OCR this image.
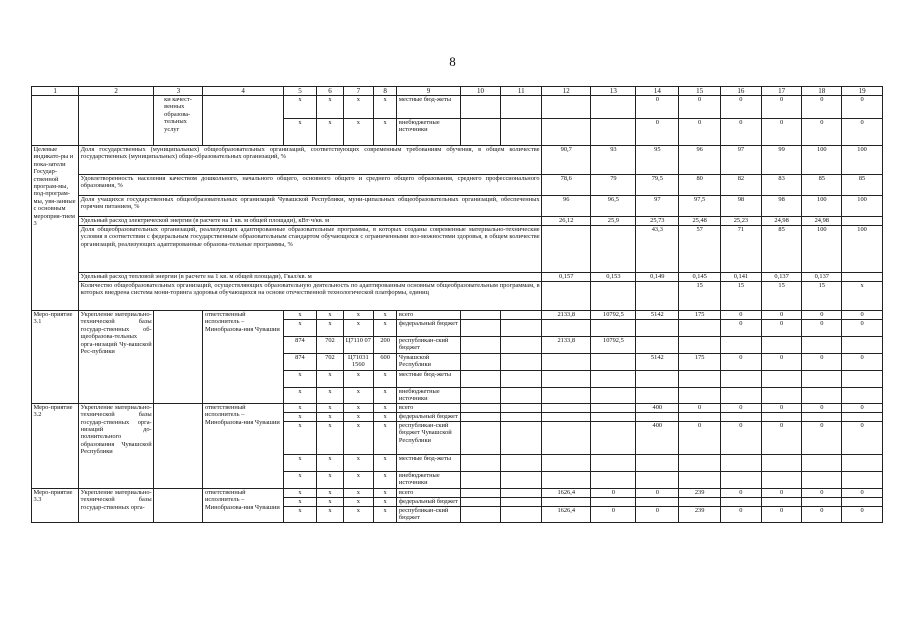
8
1	2	3	4	5	6	7	8	9	10	11	12	13	14	15	16	17	18	19
		ки качест-венных образова-тельных услуг		x	x	x	x	местные бюд-жеты					0	0	0	0	0	0
				x	x	x	x	внебюджетные источники					0	0	0	0	0	0
Целевые индикато-ры и пока-затели Государ-ственной програм-мы, под-програм-мы, увя-занные с основным мероприя-тием 3	Доля государственных (муниципальных) общеобразовательных организаций, соответствующих современным требованиям обучения, в общем количестве государственных (муниципальных) обще-образовательных организаций, %										90,7	93	95	96	97	99	100	100
	Удовлетворенность населения качеством дошкольного, начального общего, основного общего и среднего общего образования, среднего профессионального образования, %										78,6	79	79,5	80	82	83	85	85
	Доля учащихся государственных общеобразовательных организаций Чувашской Республики, муни-ципальных общеобразовательных организаций, обеспеченных горячим питанием, %										96	96,5	97	97,5	98	98	100	100
	Удельный расход электрической энергии (в расчете на 1 кв. м общей площади), кВт·ч/кв. м										26,12	25,9	25,73	25,48	25,23	24,98	24,98	
	Доля общеобразовательных организаций, реализующих адаптированные образовательные программы, в которых созданы современные материально-технические условия в соответствии с федеральным государственным образовательным стандартом обучающихся с ограниченными воз-можностями здоровья, в общем количестве организаций, реализующих адаптированные образова-тельные программы, %												43,3	57	71	85	100	100
	Удельный расход тепловой энергии (в расчете на 1 кв. м общей площади), Гкал/кв. м										0,157	0,153	0,149	0,145	0,141	0,137	0,137	
	Количество общеобразовательных организаций, осуществляющих образовательную деятельность по адаптированным основным общеобразовательным программам, в которых внедрена система мони-торинга здоровья обучающихся на основе отечественной технологической платформы, единиц													15	15	15	15	x
Меро-приятие 3.1	Укрепление материально-технической базы государ-ственных об-щеобразова-тельных орга-низаций Чу-вашской Рес-публики		ответственный исполнитель – Минобразова-ния Чувашии	x	x	x	x	всего			2133,8	10792,5	5142	175	0	0	0	0
				x	x	x	x	федеральный бюджет							0	0	0	0
				874	702	Ц7110 07	200	республикан-ский бюджет			2133,8	10792,5						
				874	702	Ц71031 1560	600	Чувашской Республики					5142	175	0	0	0	0
				x	x	x	x	местные бюд-жеты										
				x	x	x	x	внебюджетные источники										
Меро-приятие 3.2	Укрепление материально-технической базы государ-ственных орга-низаций до-полнительного образования Чувашской Республики		ответственный исполнитель – Минобразова-ния Чувашии	x	x	x	x	всего					400	0	0	0	0	0
				x	x	x	x	федеральный бюджет										
				x	x	x	x	республикан-ский бюджет Чувашской Республики					400	0	0	0	0	0
				x	x	x	x	местные бюд-жеты										
				x	x	x	x	внебюджетные источники										
Меро-приятие 3.3	Укрепление материально-технической базы государ-ственных орга-		ответственный исполнитель – Минобразова-ния Чувашии	x	x	x	x	всего			1626,4	0	0	239	0	0	0	0
				x	x	x	x	федеральный бюджет										
				x	x	x	x	республикан-ский бюджет			1626,4	0	0	239	0	0	0	0
